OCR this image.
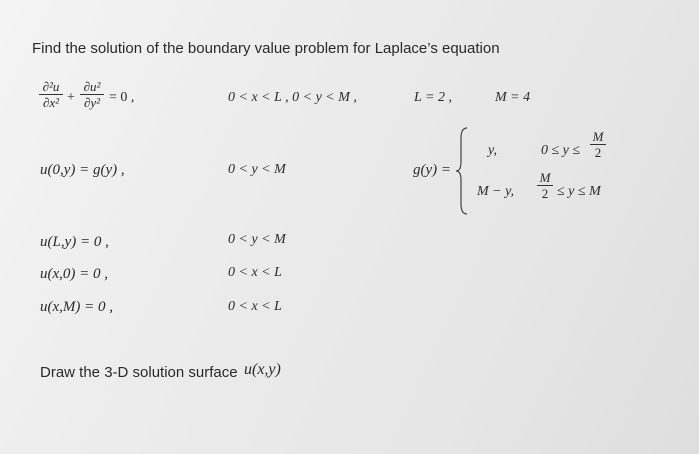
Find the solution of the boundary value problem for Laplace’s equation
∂²u
∂x² +
∂u²
∂y² = 0 ,	0 < x < L , 0 < y < M ,	L = 2 ,	M = 4
u(0,y) = g(y) ,	0 < y < M	g(y) =
y,	0 ≤ y ≤
M
2
M − y,
M
2 ≤ y ≤ M
u(L,y) = 0 ,	0 < y < M
u(x,0) = 0 ,	0 < x < L
u(x,M) = 0 ,	0 < x < L
Draw the 3-D solution surface u(x,y)
